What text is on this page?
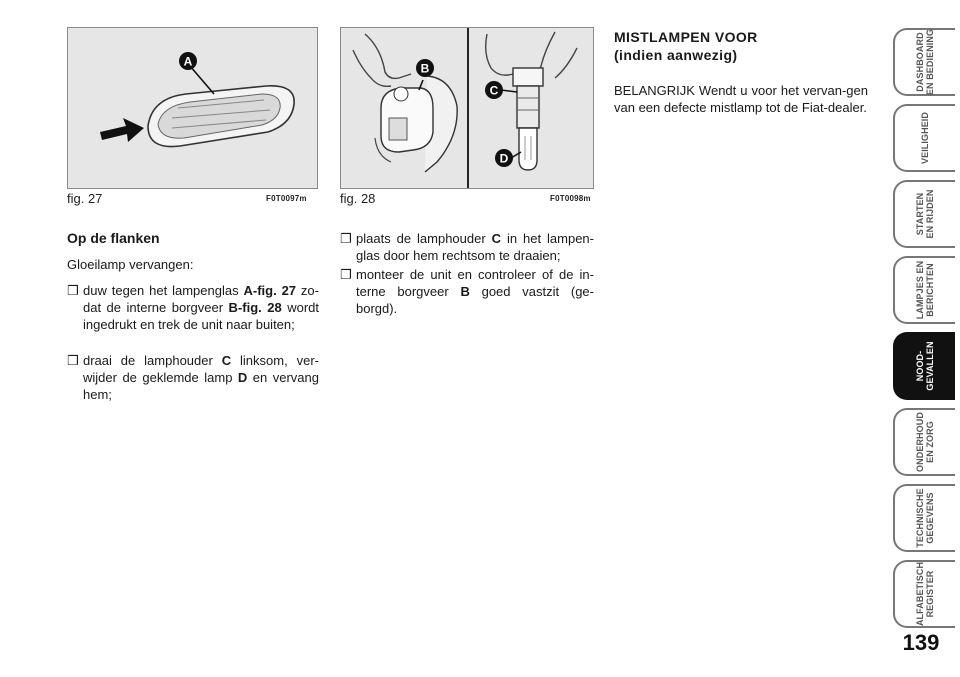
A
fig. 27	F0T0097m
B
C
D
fig. 28	F0T0098m
Op de flanken
Gloeilamp vervangen:
❒ duw tegen het lampenglas A-fig. 27 zo-dat de interne borgveer B-fig. 28 wordt ingedrukt en trek de unit naar buiten;
❒ draai de lamphouder C linksom, ver-wijder de geklemde lamp D en vervang hem;
❒ plaats de lamphouder C in het lampen-glas door hem rechtsom te draaien;
❒ monteer de unit en controleer of de in-terne borgveer B goed vastzit (ge-borgd).
MISTLAMPEN VOOR
(indien aanwezig)
BELANGRIJK Wendt u voor het vervan-gen van een defecte mistlamp tot de Fiat-dealer.
DASHBOARD
EN BEDIENING
VEILIGHEID
STARTEN
EN RIJDEN
LAMPJES EN
BERICHTEN
NOOD-
GEVALLEN
ONDERHOUD
EN ZORG
TECHNISCHE
GEGEVENS
ALFABETISCH
REGISTER
139
